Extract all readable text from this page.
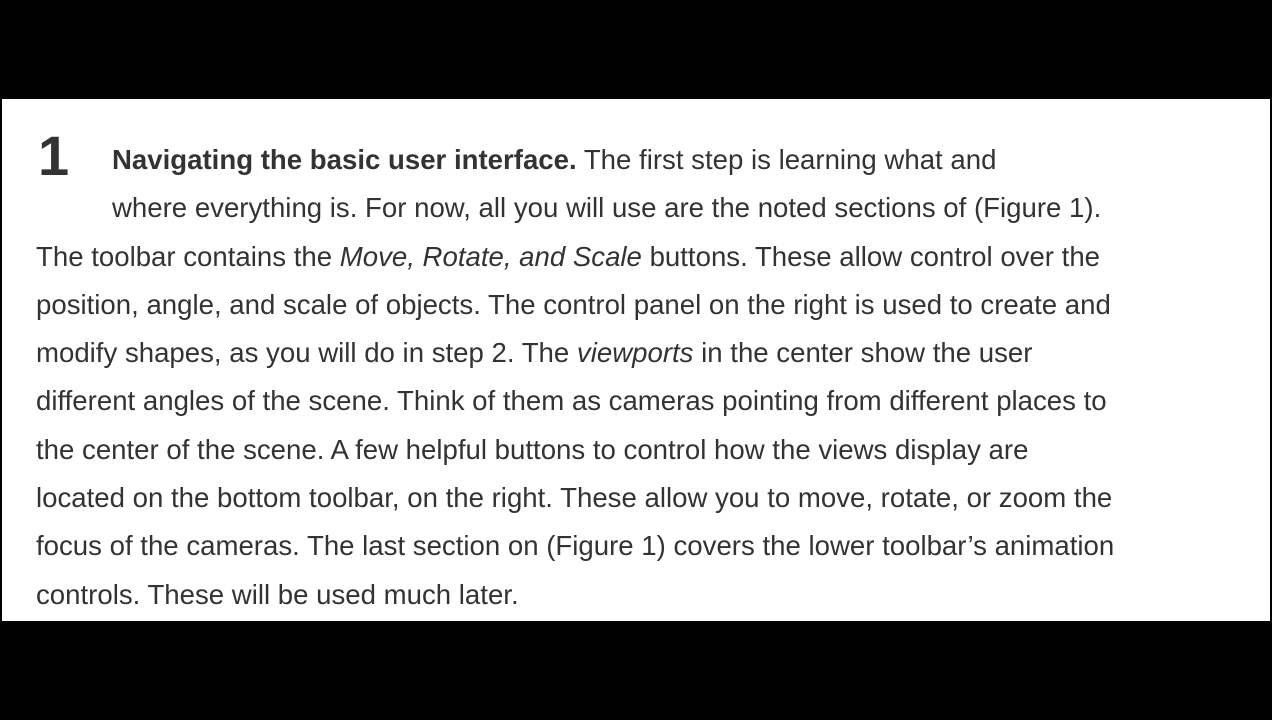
1	Navigating the basic user interface. The first step is learning what and
where everything is. For now, all you will use are the noted sections of (Figure 1).
The toolbar contains the Move, Rotate, and Scale buttons. These allow control over the
position, angle, and scale of objects. The control panel on the right is used to create and
modify shapes, as you will do in step 2. The viewports in the center show the user
different angles of the scene. Think of them as cameras pointing from different places to
the center of the scene. A few helpful buttons to control how the views display are
located on the bottom toolbar, on the right. These allow you to move, rotate, or zoom the
focus of the cameras. The last section on (Figure 1) covers the lower toolbar’s animation
controls. These will be used much later.
